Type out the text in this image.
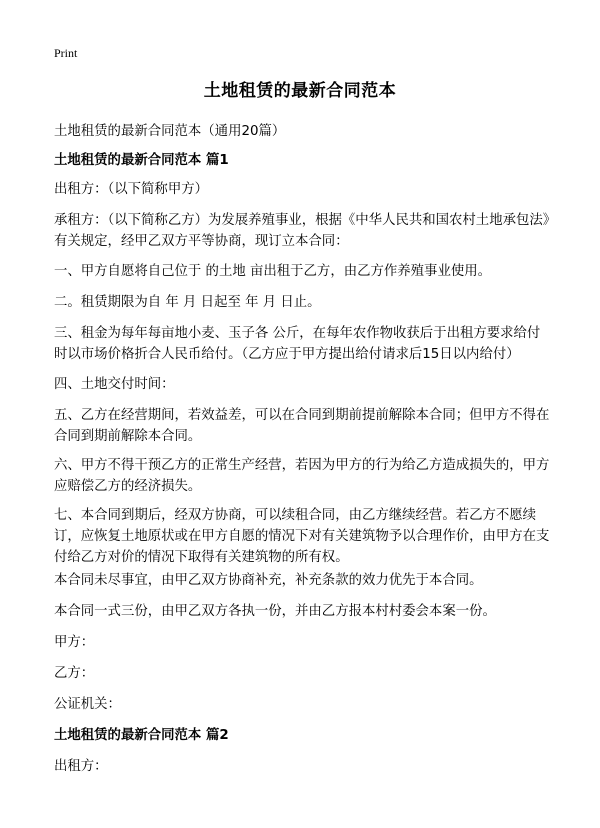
Print
土地租赁的最新合同范本

土地租赁的最新合同范本（通用20篇）

土地租赁的最新合同范本 篇1

出租方：（以下简称甲方）

承租方：（以下简称乙方）为发展养殖事业，根据《中华人民共和国农村土地承包法》有关规定，经甲乙双方平等协商，现订立本合同：

一、甲方自愿将自己位于 的土地 亩出租于乙方，由乙方作养殖事业使用。

二。租赁期限为自 年 月 日起至 年 月 日止。

三、租金为每年每亩地小麦、玉子各 公斤，在每年农作物收获后于出租方要求给付时以市场价格折合人民币给付。（乙方应于甲方提出给付请求后15日以内给付）

四、土地交付时间：

五、乙方在经营期间，若效益差，可以在合同到期前提前解除本合同；但甲方不得在合同到期前解除本合同。

六、甲方不得干预乙方的正常生产经营，若因为甲方的行为给乙方造成损失的，甲方应赔偿乙方的经济损失。

七、本合同到期后，经双方协商，可以续租合同，由乙方继续经营。若乙方不愿续订，应恢复土地原状或在甲方自愿的情况下对有关建筑物予以合理作价，由甲方在支付给乙方对价的情况下取得有关建筑物的所有权。

本合同未尽事宜，由甲乙双方协商补充，补充条款的效力优先于本合同。

本合同一式三份，由甲乙双方各执一份，并由乙方报本村村委会本案一份。

甲方：

乙方：

公证机关：

土地租赁的最新合同范本 篇2

出租方：
